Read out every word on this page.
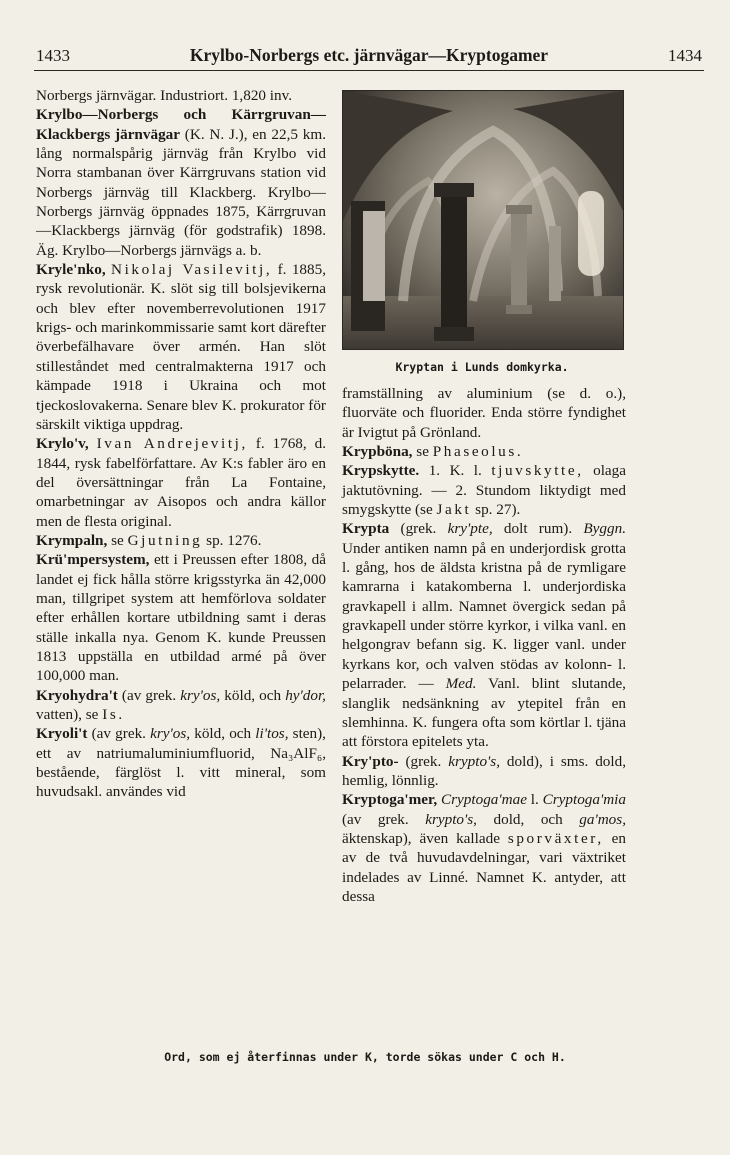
1433	Krylbo-Norbergs etc. järnvägar—Kryptogamer	1434

Norbergs järnvägar. Industriort. 1,820 inv.

Krylbo—Norbergs och Kärrgruvan—Klackbergs järnvägar (K. N. J.), en 22,5 km. lång normalspårig järnväg från Krylbo vid Norra stambanan över Kärrgruvans station vid Norbergs järnväg till Klackberg. Krylbo—Norbergs järnväg öppnades 1875, Kärrgruvan—Klackbergs järnväg (för godstrafik) 1898. Äg. Krylbo—Norbergs järnvägs a. b.

Kryle'nko, Nikolaj Vasilevitj, f. 1885, rysk revolutionär. K. slöt sig till bolsjevikerna och blev efter novemberrevolutionen 1917 krigs- och marinkommissarie samt kort därefter överbefälhavare över armén. Han slöt stilleståndet med centralmakterna 1917 och kämpade 1918 i Ukraina och mot tjeckoslovakerna. Senare blev K. prokurator för särskilt viktiga uppdrag.

Krylo'v, Ivan Andrejevitj, f. 1768, d. 1844, rysk fabelförfattare. Av K:s fabler äro en del översättningar från La Fontaine, omarbetningar av Aisopos och andra källor men de flesta original.

Krympaln, se Gjutning sp. 1276.

Krü'mpersystem, ett i Preussen efter 1808, då landet ej fick hålla större krigsstyrka än 42,000 man, tillgripet system att hemförlova soldater efter erhållen kortare utbildning samt i deras ställe inkalla nya. Genom K. kunde Preussen 1813 uppställa en utbildad armé på över 100,000 man.

Kryohydra't (av grek. kry'os, köld, och hy'dor, vatten), se Is.

Kryoli't (av grek. kry'os, köld, och li'tos, sten), ett av natriumaluminiumfluorid, Na₃AlF₆, bestående, färglöst l. vitt mineral, som huvudsakl. användes vid

Kryptan i Lunds domkyrka.

framställning av aluminium (se d. o.), fluorväte och fluorider. Enda större fyndighet är Ivigtut på Grönland.

Krypböna, se Phaseolus.

Krypskytte. 1. K. l. tjuvskytte, olaga jaktutövning. — 2. Stundom liktydigt med smygskytte (se Jakt sp. 27).

Krypta (grek. kry'pte, dolt rum). Byggn. Under antiken namn på en underjordisk grotta l. gång, hos de äldsta kristna på de rymligare kamrarna i katakomberna l. underjordiska gravkapell i allm. Namnet övergick sedan på gravkapell under större kyrkor, i vilka vanl. en helgongrav befann sig. K. ligger vanl. under kyrkans kor, och valven stödas av kolonn- l. pelarrader. — Med. Vanl. blint slutande, slanglik nedsänkning av ytepitel från en slemhinna. K. fungera ofta som körtlar l. tjäna att förstora epitelets yta.

Kry'pto- (grek. krypto's, dold), i sms. dold, hemlig, lönnlig.

Kryptoga'mer, Cryptoga'mae l. Cryptoga'mia (av grek. krypto's, dold, och ga'mos, äktenskap), även kallade sporväxter, en av de två huvudavdelningar, vari växtriket indelades av Linné. Namnet K. antyder, att dessa

Ord, som ej återfinnas under K, torde sökas under C och H.
